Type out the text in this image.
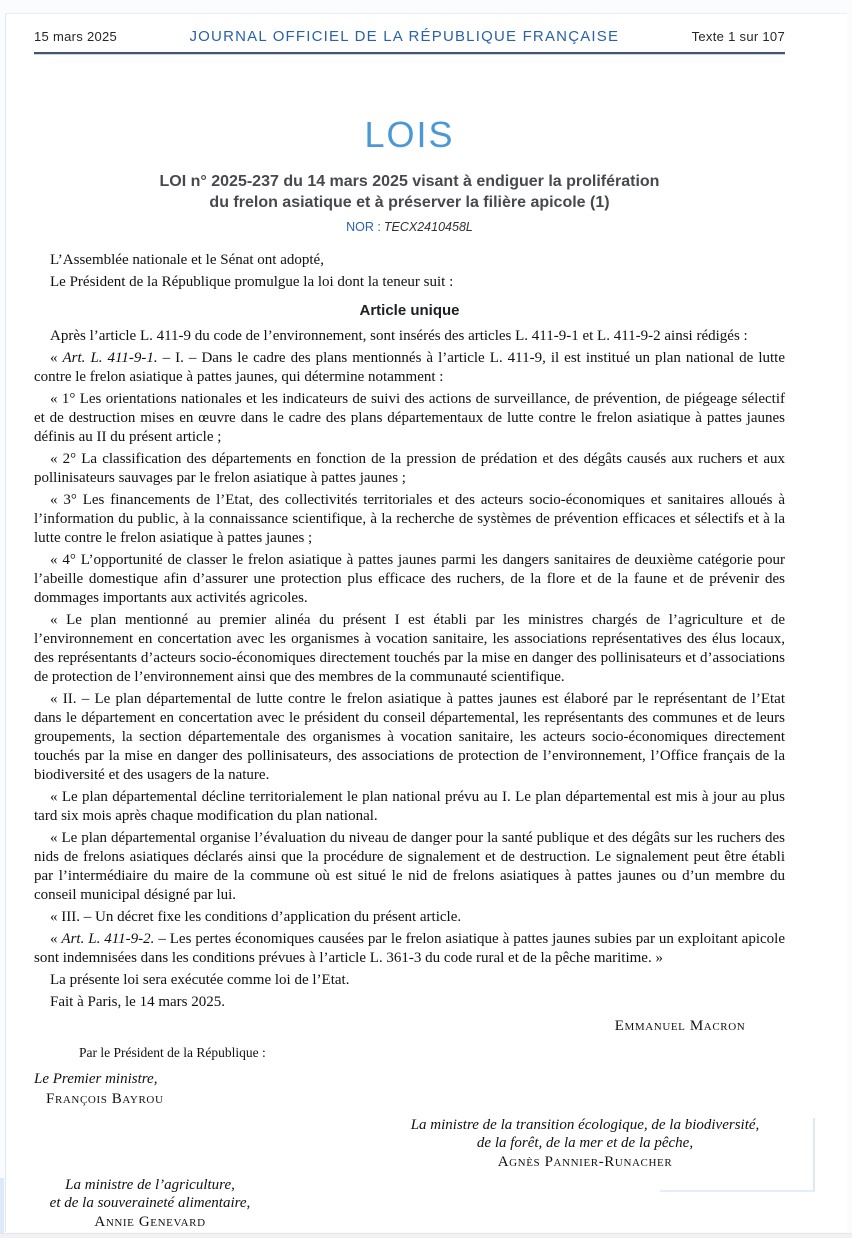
15 mars 2025	JOURNAL OFFICIEL DE LA RÉPUBLIQUE FRANÇAISE	Texte 1 sur 107
LOIS
LOI n° 2025-237 du 14 mars 2025 visant à endiguer la prolifération
du frelon asiatique et à préserver la filière apicole (1)
NOR : TECX2410458L
L’Assemblée nationale et le Sénat ont adopté,
Le Président de la République promulgue la loi dont la teneur suit :
Article unique
Après l’article L. 411-9 du code de l’environnement, sont insérés des articles L. 411-9-1 et L. 411-9-2 ainsi rédigés :
« Art. L. 411-9-1. – I. – Dans le cadre des plans mentionnés à l’article L. 411-9, il est institué un plan national de lutte contre le frelon asiatique à pattes jaunes, qui détermine notamment :
« 1° Les orientations nationales et les indicateurs de suivi des actions de surveillance, de prévention, de piégeage sélectif et de destruction mises en œuvre dans le cadre des plans départementaux de lutte contre le frelon asiatique à pattes jaunes définis au II du présent article ;
« 2° La classification des départements en fonction de la pression de prédation et des dégâts causés aux ruchers et aux pollinisateurs sauvages par le frelon asiatique à pattes jaunes ;
« 3° Les financements de l’Etat, des collectivités territoriales et des acteurs socio-économiques et sanitaires alloués à l’information du public, à la connaissance scientifique, à la recherche de systèmes de prévention efficaces et sélectifs et à la lutte contre le frelon asiatique à pattes jaunes ;
« 4° L’opportunité de classer le frelon asiatique à pattes jaunes parmi les dangers sanitaires de deuxième catégorie pour l’abeille domestique afin d’assurer une protection plus efficace des ruchers, de la flore et de la faune et de prévenir des dommages importants aux activités agricoles.
« Le plan mentionné au premier alinéa du présent I est établi par les ministres chargés de l’agriculture et de l’environnement en concertation avec les organismes à vocation sanitaire, les associations représentatives des élus locaux, des représentants d’acteurs socio-économiques directement touchés par la mise en danger des pollinisateurs et d’associations de protection de l’environnement ainsi que des membres de la communauté scientifique.
« II. – Le plan départemental de lutte contre le frelon asiatique à pattes jaunes est élaboré par le représentant de l’Etat dans le département en concertation avec le président du conseil départemental, les représentants des communes et de leurs groupements, la section départementale des organismes à vocation sanitaire, les acteurs socio-économiques directement touchés par la mise en danger des pollinisateurs, des associations de protection de l’environnement, l’Office français de la biodiversité et des usagers de la nature.
« Le plan départemental décline territorialement le plan national prévu au I. Le plan départemental est mis à jour au plus tard six mois après chaque modification du plan national.
« Le plan départemental organise l’évaluation du niveau de danger pour la santé publique et des dégâts sur les ruchers des nids de frelons asiatiques déclarés ainsi que la procédure de signalement et de destruction. Le signalement peut être établi par l’intermédiaire du maire de la commune où est situé le nid de frelons asiatiques à pattes jaunes ou d’un membre du conseil municipal désigné par lui.
« III. – Un décret fixe les conditions d’application du présent article.
« Art. L. 411-9-2. – Les pertes économiques causées par le frelon asiatique à pattes jaunes subies par un exploitant apicole sont indemnisées dans les conditions prévues à l’article L. 361-3 du code rural et de la pêche maritime. »
La présente loi sera exécutée comme loi de l’Etat.
Fait à Paris, le 14 mars 2025.
Emmanuel Macron
Par le Président de la République :
Le Premier ministre,
François Bayrou
La ministre de la transition écologique, de la biodiversité,
de la forêt, de la mer et de la pêche,
Agnès Pannier-Runacher
La ministre de l’agriculture,
et de la souveraineté alimentaire,
Annie Genevard
